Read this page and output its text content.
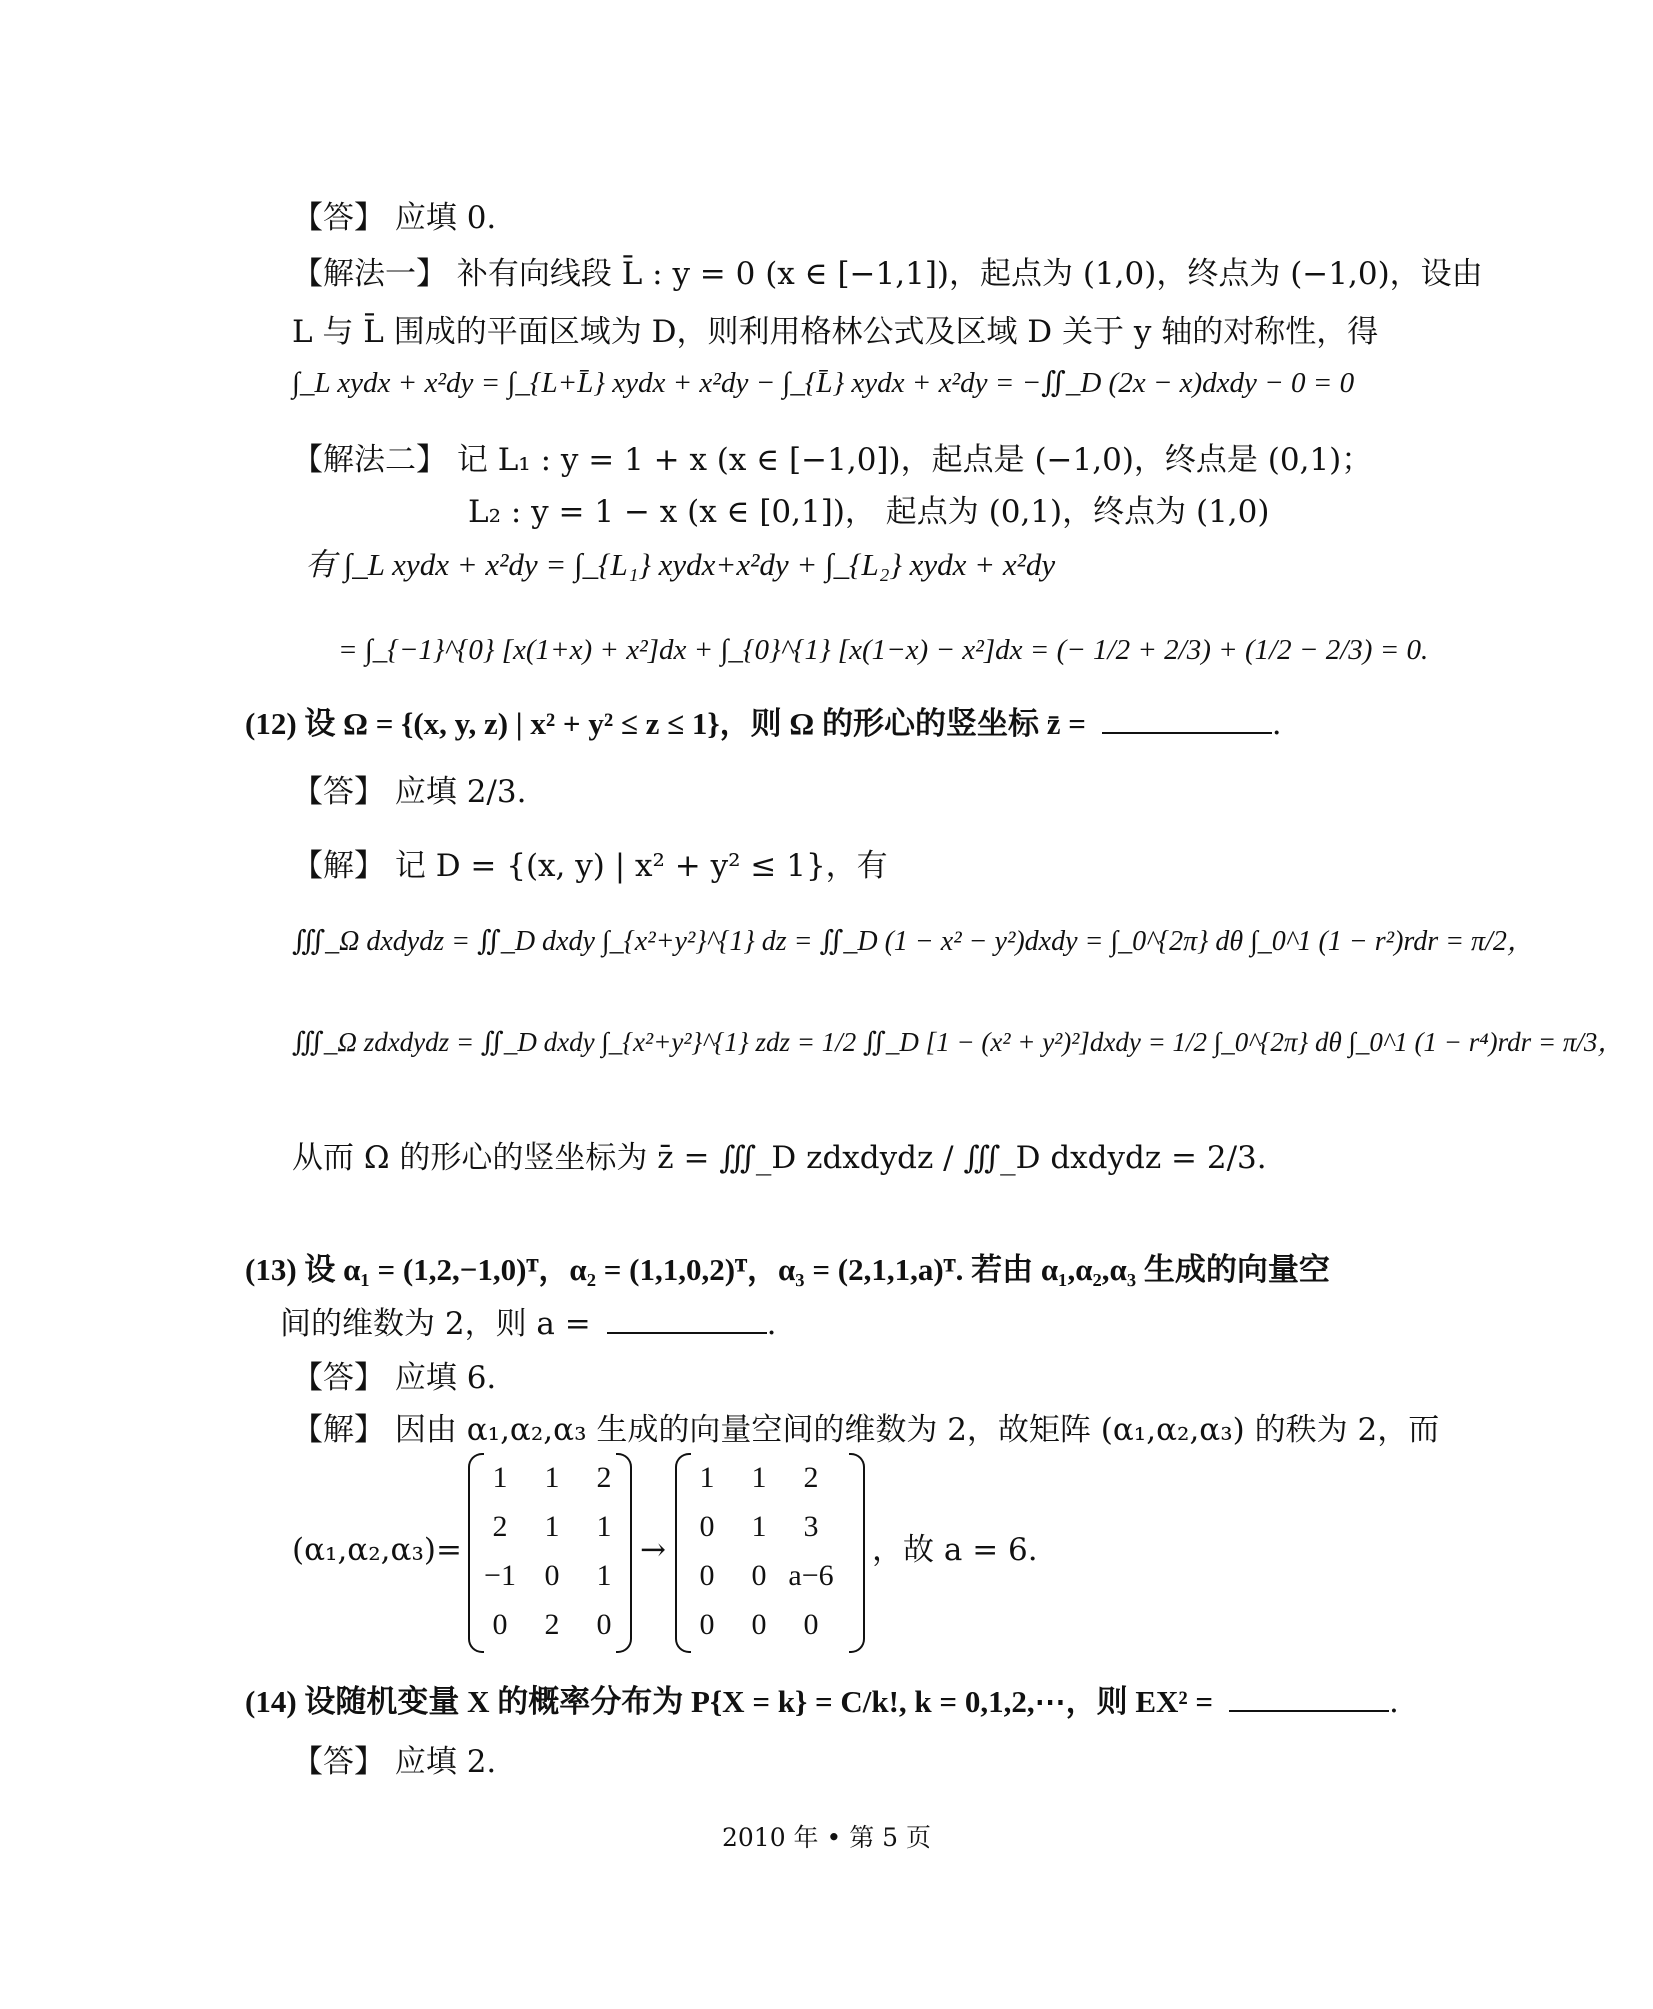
【答】 应填 0.
【解法一】 补有向线段 L̄ : y = 0 (x ∈ [−1,1])，起点为 (1,0)，终点为 (−1,0)，设由
L 与 L̄ 围成的平面区域为 D，则利用格林公式及区域 D 关于 y 轴的对称性，得
∫_L xydx + x²dy = ∫_{L+L̄} xydx + x²dy − ∫_{L̄} xydx + x²dy = −∬_D (2x − x)dxdy − 0 = 0
【解法二】 记 L₁ : y = 1 + x (x ∈ [−1,0])，起点是 (−1,0)，终点是 (0,1)；
L₂ : y = 1 − x (x ∈ [0,1])， 起点为 (0,1)，终点为 (1,0)
有 ∫_L xydx + x²dy = ∫_{L₁} xydx+x²dy + ∫_{L₂} xydx + x²dy
= ∫_{−1}^{0} [x(1+x) + x²]dx + ∫_{0}^{1} [x(1−x) − x²]dx = (− 1/2 + 2/3) + (1/2 − 2/3) = 0.
(12) 设 Ω = {(x, y, z) | x² + y² ≤ z ≤ 1}，则 Ω 的形心的竖坐标 z̄ =	.
【答】 应填 2/3.
【解】 记 D = {(x, y) | x² + y² ≤ 1}，有
∭_Ω dxdydz = ∬_D dxdy ∫_{x²+y²}^{1} dz = ∬_D (1 − x² − y²)dxdy = ∫_0^{2π} dθ ∫_0^1 (1 − r²)rdr = π/2，
∭_Ω zdxdydz = ∬_D dxdy ∫_{x²+y²}^{1} zdz = 1/2 ∬_D [1 − (x² + y²)²]dxdy = 1/2 ∫_0^{2π} dθ ∫_0^1 (1 − r⁴)rdr = π/3，
从而 Ω 的形心的竖坐标为 z̄ = ∭_D zdxdydz / ∭_D dxdydz = 2/3.
(13) 设 α₁ = (1,2,−1,0)ᵀ，α₂ = (1,1,0,2)ᵀ，α₃ = (2,1,1,a)ᵀ. 若由 α₁,α₂,α₃ 生成的向量空
间的维数为 2，则 a =	.
【答】 应填 6.
【解】 因由 α₁,α₂,α₃ 生成的向量空间的维数为 2，故矩阵 (α₁,α₂,α₃) 的秩为 2，而
(α₁,α₂,α₃)=
1	1	2
2	1	1
−1	0	1
0	2	0
→
1	1	2
0	1	3
0	0	a−6
0	0	0
，故 a = 6.
(14) 设随机变量 X 的概率分布为 P{X = k} = C/k!, k = 0,1,2,⋯，则 EX² =	.
【答】 应填 2.
2010 年 • 第 5 页
